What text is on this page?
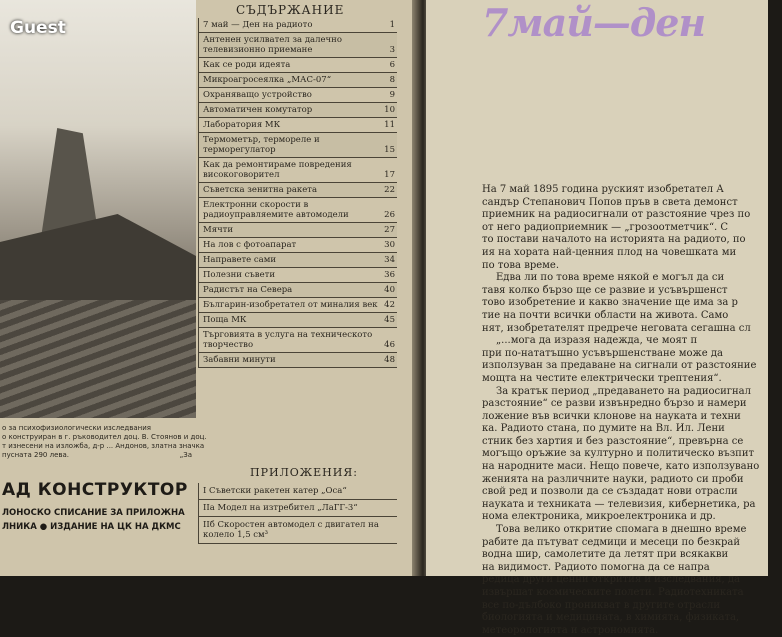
Guest
о за психофизиологически изследвания
о конструиран в г. ръководител доц. В. Стоянов и доц.
т изнесени на изложба, д-р ... Андонов, златна значка
пусната 290 лева.	„За
АД КОНСТРУКТОР
ЛОНОСКО СПИСАНИЕ ЗА ПРИЛОЖНА
ЛНИКА ● ИЗДАНИЕ НА ЦК НА ДКМС
СЪДЪРЖАНИЕ
7 май — Ден на радиото	1
Антенен усилвател за далечно телевизионно приемане	3
Как се роди идеята	6
Микроагросеялка „МАС-07“	8
Охраняващо устройство	9
Автоматичен комутатор	10
Лаборатория МК	11
Термометър, терморeле и терморегулатор	15
Как да ремонтираме повредения високоговорител	17
Съветска зенитна ракета	22
Електронни скорости в радиоуправляемите автомодели	26
Мячти	27
На лов с фотоапарат	30
Направете сами	34
Полезни съвети	36
Радистът на Севера	40
Българин-изобретател от миналия век 42
Поща МК	45
Търговията в услуга на техническото творчество	46
Забавни минути	48
ПРИЛОЖЕНИЯ:
I Съветски ракетен катер „Оса“
IIа Модел на изтребител „ЛаГГ-3“
IIб Скоростен автомодел с двигател на колело 1,5 см³
7май—ден
На 7 май 1895 година руският изобретател А
сандър Степанович Попов пръв в света демонст
приемник на радиосигнали от разстояние чрез по
от него радиоприемник — „грозоотметчик“. С
то постави началото на историята на радиото, по
ия на хората най-ценния плод на човешката ми
по това време.
Едва ли по това време някой е могъл да си
тавя колко бързо ще се развие и усъвършенст
тово изобретение и какво значение ще има за р
тие на почти всички области на живота. Само
нят, изобретателят предрече неговата сегашна сл
„...мога да изразя надежда, че моят п
при по-нататъшно усъвършенстване може да
използуван за предаване на сигнали от разстояние
мощта на честите електрически трептения“.
За кратък период „предаването на радиосигнал
разстояние“ се разви извънредно бързо и намери
ложение във всички клонове на науката и техни
ка. Радиото стана, по думите на Вл. Ил. Лени
стник без хартия и без разстояние“, превърна се
могъщо оръжие за културно и политическо възпит
на народните маси. Нещо повече, като използувано
женията на различните науки, радиото си проби
свой ред и позволи да се създадат нови отрасли
науката и техниката — телевизия, кибернетика, ра
нома електроника, микроелектроника и др.
Това велико откритие спомага в днешно време
рабите да пътуват седмици и месеци по безкрай
водна шир, самолетите да летят при всякакви
на видимост. Радиото помогна да се напра
редица други ценни открития и изследвания, да
извършат космическите полети. Радиотехниката
все по-дълбоко проникват в другите отрасли
биологията и медицината, в химията, физиката,
метеорологията и астрономията.
